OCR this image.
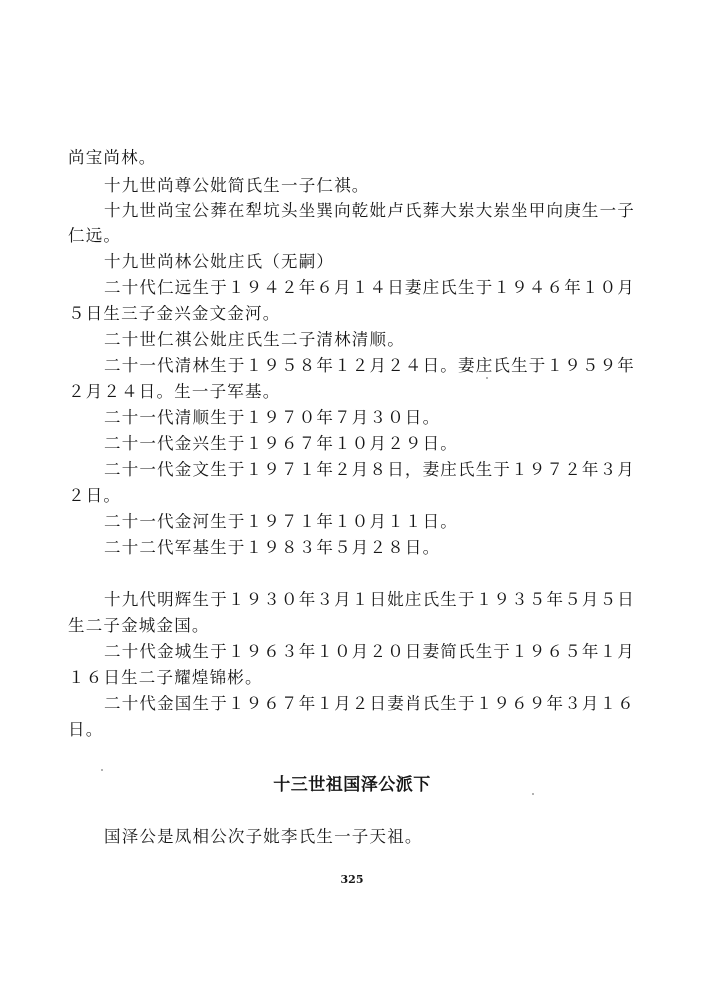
尚宝尚林。
十九世尚尊公妣简氏生一子仁祺。
十九世尚宝公葬在犁坑头坐巽向乾妣卢氏葬大岽大岽坐甲向庚生一子
仁远。
十九世尚林公妣庄氏（无嗣）
二十代仁远生于１９４２年６月１４日妻庄氏生于１９４６年１０月
５日生三子金兴金文金河。
二十世仁祺公妣庄氏生二子清林清顺。
二十一代清林生于１９５８年１２月２４日。妻庄氏生于１９５９年
２月２４日。生一子军基。
二十一代清顺生于１９７０年７月３０日。
二十一代金兴生于１９６７年１０月２９日。
二十一代金文生于１９７１年２月８日，妻庄氏生于１９７２年３月
２日。
二十一代金河生于１９７１年１０月１１日。
二十二代军基生于１９８３年５月２８日。
十九代明辉生于１９３０年３月１日妣庄氏生于１９３５年５月５日
生二子金城金国。
二十代金城生于１９６３年１０月２０日妻简氏生于１９６５年１月
１６日生二子耀煌锦彬。
二十代金国生于１９６７年１月２日妻肖氏生于１９６９年３月１６
日。
十三世祖国泽公派下
国泽公是凤相公次子妣李氏生一子天祖。
325
